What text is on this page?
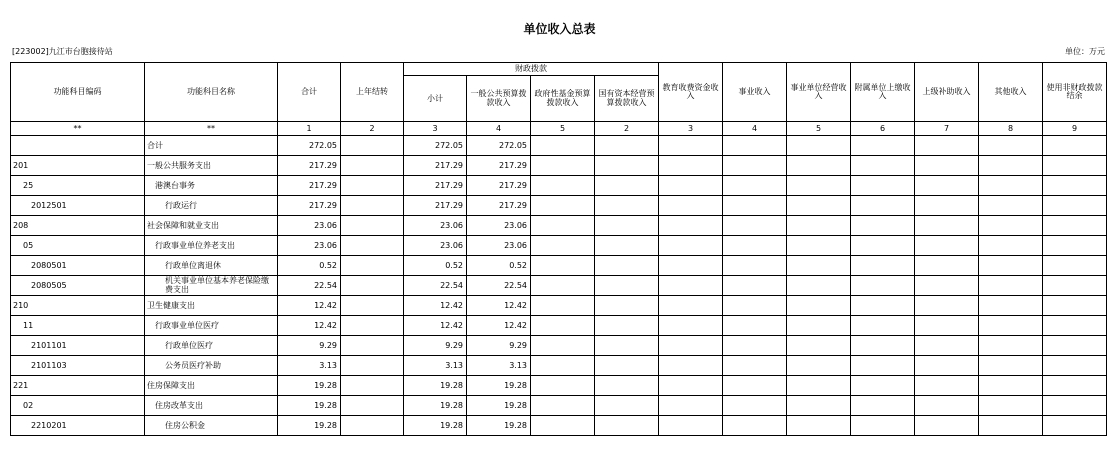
单位收入总表
[223002]九江市台胞接待站	单位：万元
功能科目编码	功能科目名称	合计	上年结转	财政拨款				教育收费资金收入	事业收入	事业单位经营收入	附属单位上缴收入	上级补助收入	其他收入	使用非财政拨款结余
				小计	一般公共预算拨款收入	政府性基金预算拨款收入	国有资本经营预算拨款收入							
**	**	1	2	3	4	5	2	3	4	5	6	7	8	9
	合计	272.05		272.05	272.05									
201	一般公共服务支出	217.29		217.29	217.29									
25	港澳台事务	217.29		217.29	217.29									
2012501	行政运行	217.29		217.29	217.29									
208	社会保障和就业支出	23.06		23.06	23.06									
05	行政事业单位养老支出	23.06		23.06	23.06									
2080501	行政单位离退休	0.52		0.52	0.52									
2080505	机关事业单位基本养老保险缴费支出	22.54		22.54	22.54									
210	卫生健康支出	12.42		12.42	12.42									
11	行政事业单位医疗	12.42		12.42	12.42									
2101101	行政单位医疗	9.29		9.29	9.29									
2101103	公务员医疗补助	3.13		3.13	3.13									
221	住房保障支出	19.28		19.28	19.28									
02	住房改革支出	19.28		19.28	19.28									
2210201	住房公积金	19.28		19.28	19.28									
